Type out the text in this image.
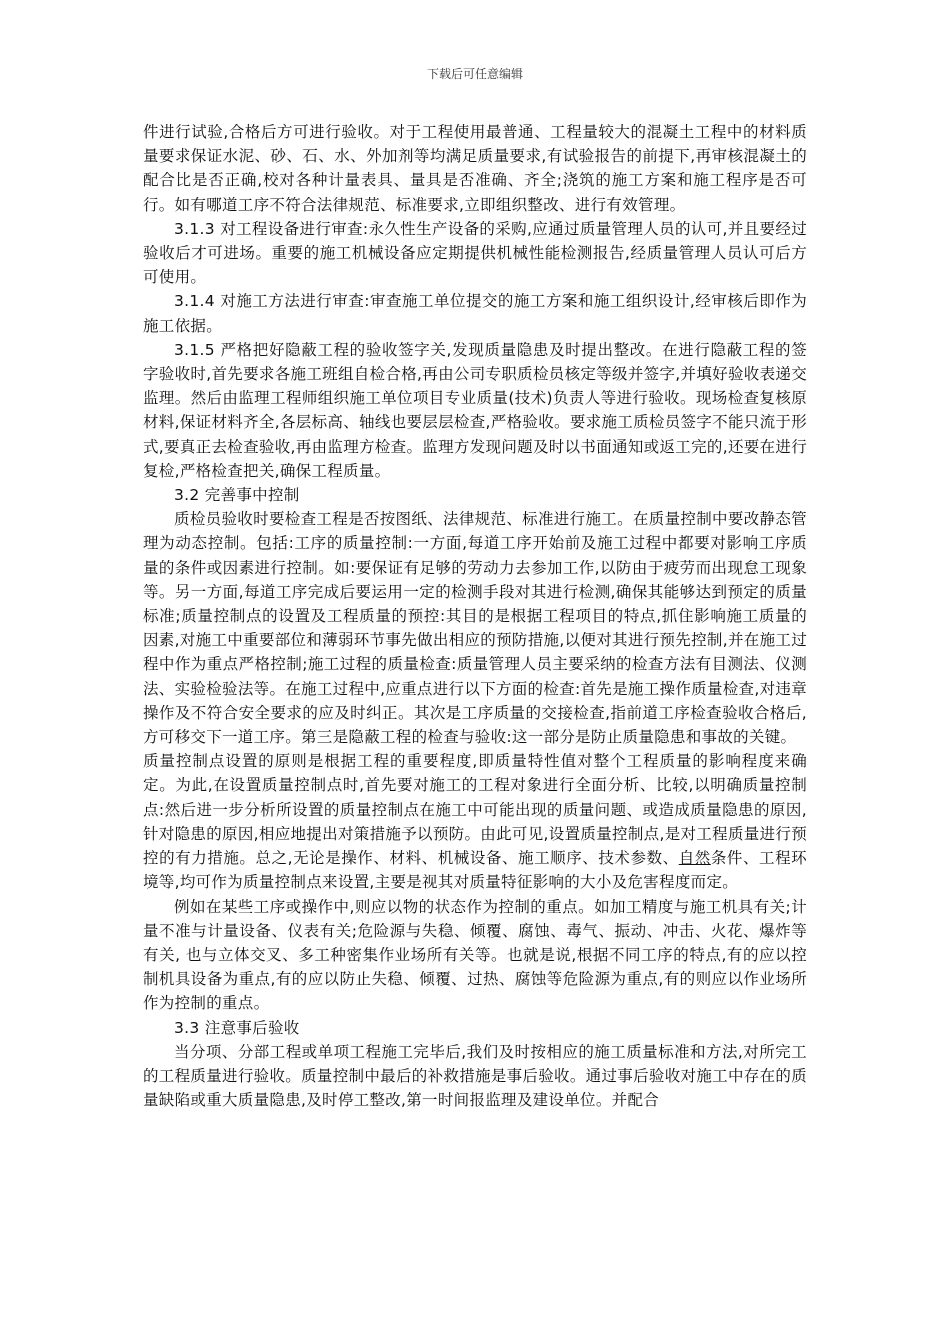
下载后可任意编辑

件进行试验,合格后方可进行验收。对于工程使用最普通、工程量较大的混凝土工程中的材料质量要求保证水泥、砂、石、水、外加剂等均满足质量要求,有试验报告的前提下,再审核混凝土的配合比是否正确,校对各种计量表具、量具是否准确、齐全;浇筑的施工方案和施工程序是否可行。如有哪道工序不符合法律规范、标准要求,立即组织整改、进行有效管理。

3.1.3 对工程设备进行审查:永久性生产设备的采购,应通过质量管理人员的认可,并且要经过验收后才可进场。重要的施工机械设备应定期提供机械性能检测报告,经质量管理人员认可后方可使用。

3.1.4 对施工方法进行审查:审查施工单位提交的施工方案和施工组织设计,经审核后即作为施工依据。

3.1.5 严格把好隐蔽工程的验收签字关,发现质量隐患及时提出整改。在进行隐蔽工程的签字验收时,首先要求各施工班组自检合格,再由公司专职质检员核定等级并签字,并填好验收表递交监理。然后由监理工程师组织施工单位项目专业质量(技术)负责人等进行验收。现场检查复核原材料,保证材料齐全,各层标高、轴线也要层层检查,严格验收。要求施工质检员签字不能只流于形式,要真正去检查验收,再由监理方检查。监理方发现问题及时以书面通知或返工完的,还要在进行复检,严格检查把关,确保工程质量。

3.2 完善事中控制

质检员验收时要检查工程是否按图纸、法律规范、标准进行施工。在质量控制中要改静态管理为动态控制。包括:工序的质量控制:一方面,每道工序开始前及施工过程中都要对影响工序质量的条件或因素进行控制。如:要保证有足够的劳动力去参加工作,以防由于疲劳而出现怠工现象等。另一方面,每道工序完成后要运用一定的检测手段对其进行检测,确保其能够达到预定的质量标准;质量控制点的设置及工程质量的预控:其目的是根据工程项目的特点,抓住影响施工质量的因素,对施工中重要部位和薄弱环节事先做出相应的预防措施,以便对其进行预先控制,并在施工过程中作为重点严格控制;施工过程的质量检查:质量管理人员主要采纳的检查方法有目测法、仪测法、实验检验法等。在施工过程中,应重点进行以下方面的检查:首先是施工操作质量检查,对违章操作及不符合安全要求的应及时纠正。其次是工序质量的交接检查,指前道工序检查验收合格后,方可移交下一道工序。第三是隐蔽工程的检查与验收:这一部分是防止质量隐患和事故的关键。

质量控制点设置的原则是根据工程的重要程度,即质量特性值对整个工程质量的影响程度来确定。为此,在设置质量控制点时,首先要对施工的工程对象进行全面分析、比较,以明确质量控制点:然后进一步分析所设置的质量控制点在施工中可能出现的质量问题、或造成质量隐患的原因,针对隐患的原因,相应地提出对策措施予以预防。由此可见,设置质量控制点,是对工程质量进行预控的有力措施。总之,无论是操作、材料、机械设备、施工顺序、技术参数、自然条件、工程环境等,均可作为质量控制点来设置,主要是视其对质量特征影响的大小及危害程度而定。

例如在某些工序或操作中,则应以物的状态作为控制的重点。如加工精度与施工机具有关;计量不准与计量设备、仪表有关;危险源与失稳、倾覆、腐蚀、毒气、振动、冲击、火花、爆炸等有关, 也与立体交叉、多工种密集作业场所有关等。也就是说,根据不同工序的特点,有的应以控制机具设备为重点,有的应以防止失稳、倾覆、过热、腐蚀等危险源为重点,有的则应以作业场所作为控制的重点。

3.3 注意事后验收

当分项、分部工程或单项工程施工完毕后,我们及时按相应的施工质量标准和方法,对所完工的工程质量进行验收。质量控制中最后的补救措施是事后验收。通过事后验收对施工中存在的质量缺陷或重大质量隐患,及时停工整改,第一时间报监理及建设单位。并配合
